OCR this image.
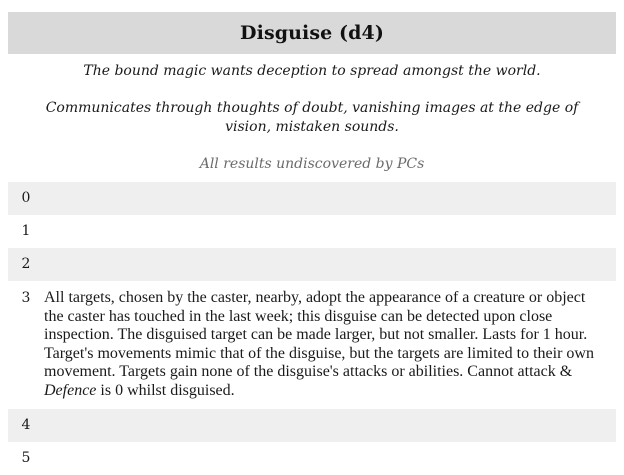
Disguise (d4)

The bound magic wants deception to spread amongst the world.

Communicates through thoughts of doubt, vanishing images at the edge of vision, mistaken sounds.

All results undiscovered by PCs
0
1
2
3 All targets, chosen by the caster, nearby, adopt the appearance of a creature or object the caster has touched in the last week; this disguise can be detected upon close inspection. The disguised target can be made larger, but not smaller. Lasts for 1 hour. Target's movements mimic that of the disguise, but the targets are limited to their own movement. Targets gain none of the disguise's attacks or abilities. Cannot attack & Defence is 0 whilst disguised.

4
5
